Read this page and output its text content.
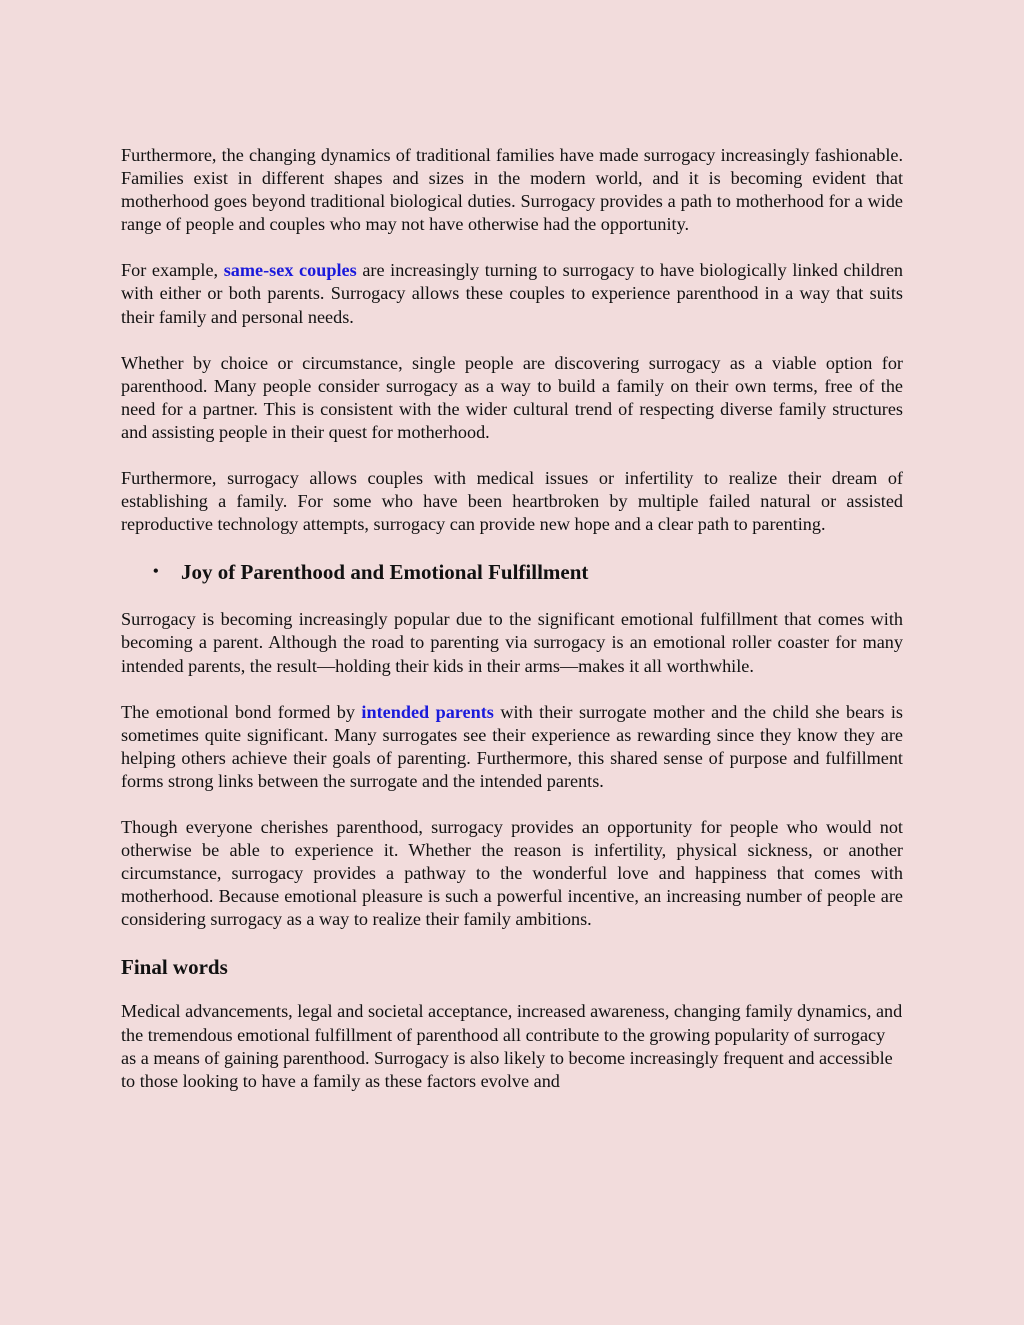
Furthermore, the changing dynamics of traditional families have made surrogacy increasingly fashionable. Families exist in different shapes and sizes in the modern world, and it is becoming evident that motherhood goes beyond traditional biological duties. Surrogacy provides a path to motherhood for a wide range of people and couples who may not have otherwise had the opportunity.

For example, same-sex couples are increasingly turning to surrogacy to have biologically linked children with either or both parents. Surrogacy allows these couples to experience parenthood in a way that suits their family and personal needs.

Whether by choice or circumstance, single people are discovering surrogacy as a viable option for parenthood. Many people consider surrogacy as a way to build a family on their own terms, free of the need for a partner. This is consistent with the wider cultural trend of respecting diverse family structures and assisting people in their quest for motherhood.

Furthermore, surrogacy allows couples with medical issues or infertility to realize their dream of establishing a family. For some who have been heartbroken by multiple failed natural or assisted reproductive technology attempts, surrogacy can provide new hope and a clear path to parenting.

• Joy of Parenthood and Emotional Fulfillment

Surrogacy is becoming increasingly popular due to the significant emotional fulfillment that comes with becoming a parent. Although the road to parenting via surrogacy is an emotional roller coaster for many intended parents, the result—holding their kids in their arms—makes it all worthwhile.

The emotional bond formed by intended parents with their surrogate mother and the child she bears is sometimes quite significant. Many surrogates see their experience as rewarding since they know they are helping others achieve their goals of parenting. Furthermore, this shared sense of purpose and fulfillment forms strong links between the surrogate and the intended parents.

Though everyone cherishes parenthood, surrogacy provides an opportunity for people who would not otherwise be able to experience it. Whether the reason is infertility, physical sickness, or another circumstance, surrogacy provides a pathway to the wonderful love and happiness that comes with motherhood. Because emotional pleasure is such a powerful incentive, an increasing number of people are considering surrogacy as a way to realize their family ambitions.

Final words

Medical advancements, legal and societal acceptance, increased awareness, changing family dynamics, and the tremendous emotional fulfillment of parenthood all contribute to the growing popularity of surrogacy as a means of gaining parenthood. Surrogacy is also likely to become increasingly frequent and accessible to those looking to have a family as these factors evolve and
